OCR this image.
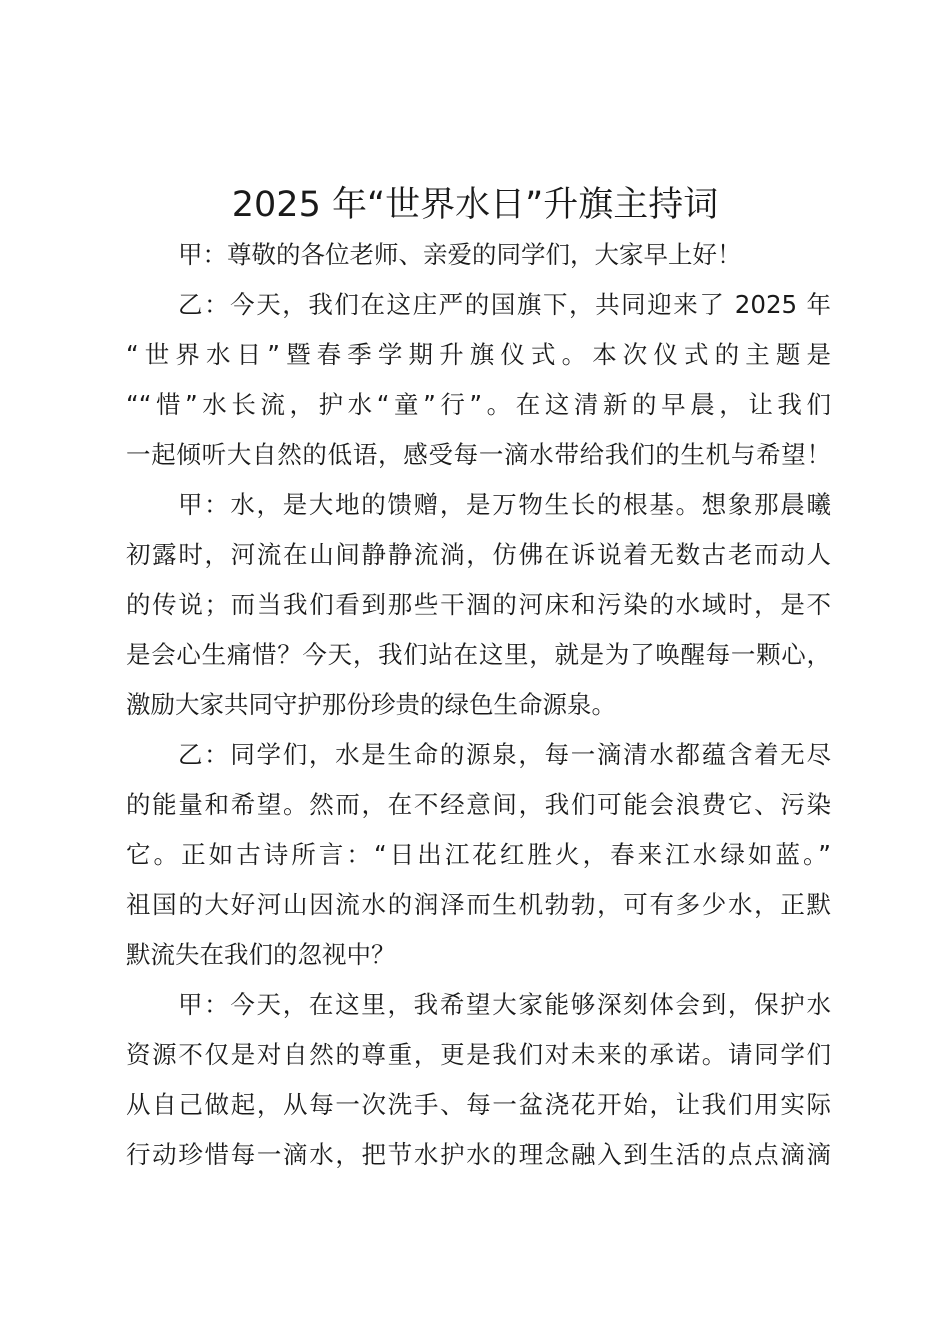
2025 年“世界水日”升旗主持词
甲：尊敬的各位老师、亲爱的同学们，大家早上好！
乙：今天，我们在这庄严的国旗下，共同迎来了 2025 年
“世界水日”暨春季学期升旗仪式。本次仪式的主题是
““惜”水长流，护水“童”行”。在这清新的早晨，让我们
一起倾听大自然的低语，感受每一滴水带给我们的生机与希望！
甲：水，是大地的馈赠，是万物生长的根基。想象那晨曦
初露时，河流在山间静静流淌，仿佛在诉说着无数古老而动人
的传说；而当我们看到那些干涸的河床和污染的水域时，是不
是会心生痛惜？今天，我们站在这里，就是为了唤醒每一颗心，
激励大家共同守护那份珍贵的绿色生命源泉。
乙：同学们，水是生命的源泉，每一滴清水都蕴含着无尽
的能量和希望。然而，在不经意间，我们可能会浪费它、污染
它。正如古诗所言：“日出江花红胜火，春来江水绿如蓝。”
祖国的大好河山因流水的润泽而生机勃勃，可有多少水，正默
默流失在我们的忽视中？
甲：今天，在这里，我希望大家能够深刻体会到，保护水
资源不仅是对自然的尊重，更是我们对未来的承诺。请同学们
从自己做起，从每一次洗手、每一盆浇花开始，让我们用实际
行动珍惜每一滴水，把节水护水的理念融入到生活的点点滴滴
